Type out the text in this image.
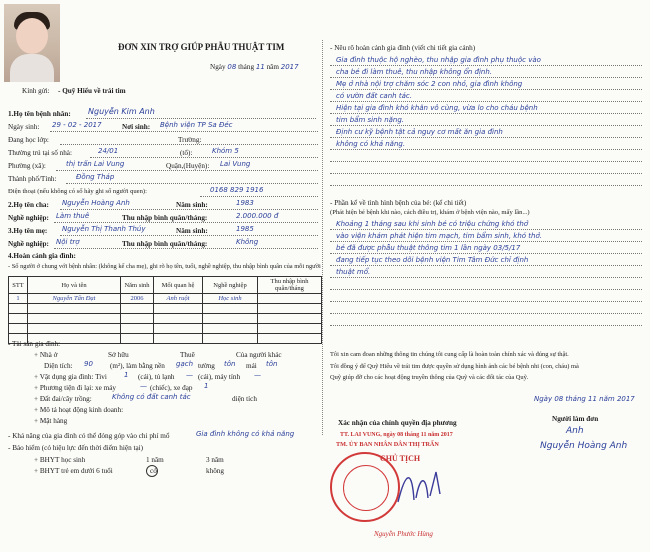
ĐƠN XIN TRỢ GIÚP PHẪU THUẬT TIM
Ngày 08 tháng 11 năm 2017
Kính gửi: - Quỹ Hiểu về trái tim
1.Họ tên bệnh nhân: Nguyễn Kim Anh
Ngày sinh: 29 - 02 - 2017	Nơi sinh: Bệnh viện TP Sa Đéc
Đang học lớp:	Trường:
Thường trú tại số nhà:	24/01	(tổ):	Khóm 5
Phường (xã):	thị trấn Lai Vung	Quận,(Huyện): Lai Vung
Thành phố/Tỉnh:	Đồng Tháp
Điện thoại (nếu không có số hãy ghi số người quen):	0168 829 1916
2.Họ tên cha: Nguyễn Hoàng Anh	Năm sinh:	1983
Nghề nghiệp: Làm thuê	Thu nhập bình quân/tháng:	2.000.000 đ
3.Họ tên mẹ: Nguyễn Thị Thanh Thúy	Năm sinh:	1985
Nghề nghiệp: Nội trợ	Thu nhập bình quân/tháng:	Không
4.Hoàn cảnh gia đình:
- Số người ở chung với bệnh nhân: (không kể cha mẹ), ghi rõ họ tên, tuổi, nghề nghiệp, thu nhập bình quân của mỗi người
STT	Họ và tên	Năm sinh	Mối quan hệ	Nghề nghiệp	Thu nhập bình quân/tháng
1	Nguyễn Tấn Đạt	2006	Anh ruột	Học sinh	

- Tài sản gia đình:
+ Nhà ở	Sở hữu	Thuê	Của người khác
Diện tích: 90 (m²), làm bằng nền gạch tường tôn mái tôn
+ Vật dụng gia đình: Tivi 1 (cái), tủ lạnh — (cái), máy tính —
+ Phương tiện đi lại: xe máy	— (chiếc), xe đạp 1
+ Đất đai/cây trồng:	Không có đất canh tác	diện tích
+ Mô tả hoạt động kinh doanh:
+ Mặt hàng
- Khả năng của gia đình có thể đóng góp vào chi phí mổ	Gia đình không có khả năng
- Bảo hiểm (có hiệu lực đến thời điểm hiện tại)
+ BHYT học sinh	1 năm	3 năm
+ BHYT trẻ em dưới 6 tuổi	có	không
- Nêu rõ hoàn cảnh gia đình (viết chi tiết gia cảnh)
Gia đình thuộc hộ nghèo, thu nhập gia đình phụ thuộc vào
cha bé đi làm thuê, thu nhập không ổn định.
Mẹ ở nhà nội trợ chăm sóc 2 con nhỏ, gia đình không
có vườn đất canh tác.
Hiện tại gia đình khó khăn vô cùng, vừa lo cho cháu bệnh
tim bẩm sinh nặng.
Định cư kỹ bệnh tật cả nguy cơ mất ăn gia đình
không có khả năng.
- Phần kể về tình hình bệnh của bé: (kể chi tiết)
(Phát hiện bé bệnh khi nào, cách điều trị, khám ở bệnh viện nào, mấy lần...)
Khoảng 1 tháng sau khi sinh bé có triệu chứng khó thở
vào viện khám phát hiện tim mạch, tim bẩm sinh, khó thở.
bé đã được phẫu thuật thông tim 1 lần ngày 03/5/17
đang tiếp tục theo dõi bệnh viện Tim Tâm Đức chỉ định
thuật mổ.
Tôi xin cam đoan những thông tin chúng tôi cung cấp là hoàn toàn chính xác và đúng sự thật.
Tôi đồng ý để Quỹ Hiểu về trái tim được quyền sử dụng hình ảnh các bé bệnh nhi (con, cháu) mà
Quỹ giúp đỡ cho các hoạt động truyền thông của Quỹ và các đối tác của Quỹ.
Ngày 08 tháng 11 năm 2017
Xác nhận của chính quyền địa phương	Người làm đơn
TT. LAI VUNG, ngày 08 tháng 11 năm 2017
TM. ỦY BAN NHÂN DÂN THỊ TRẤN
CHỦ TỊCH
Nguyễn Phước Hùng
Anh
Nguyễn Hoàng Anh
